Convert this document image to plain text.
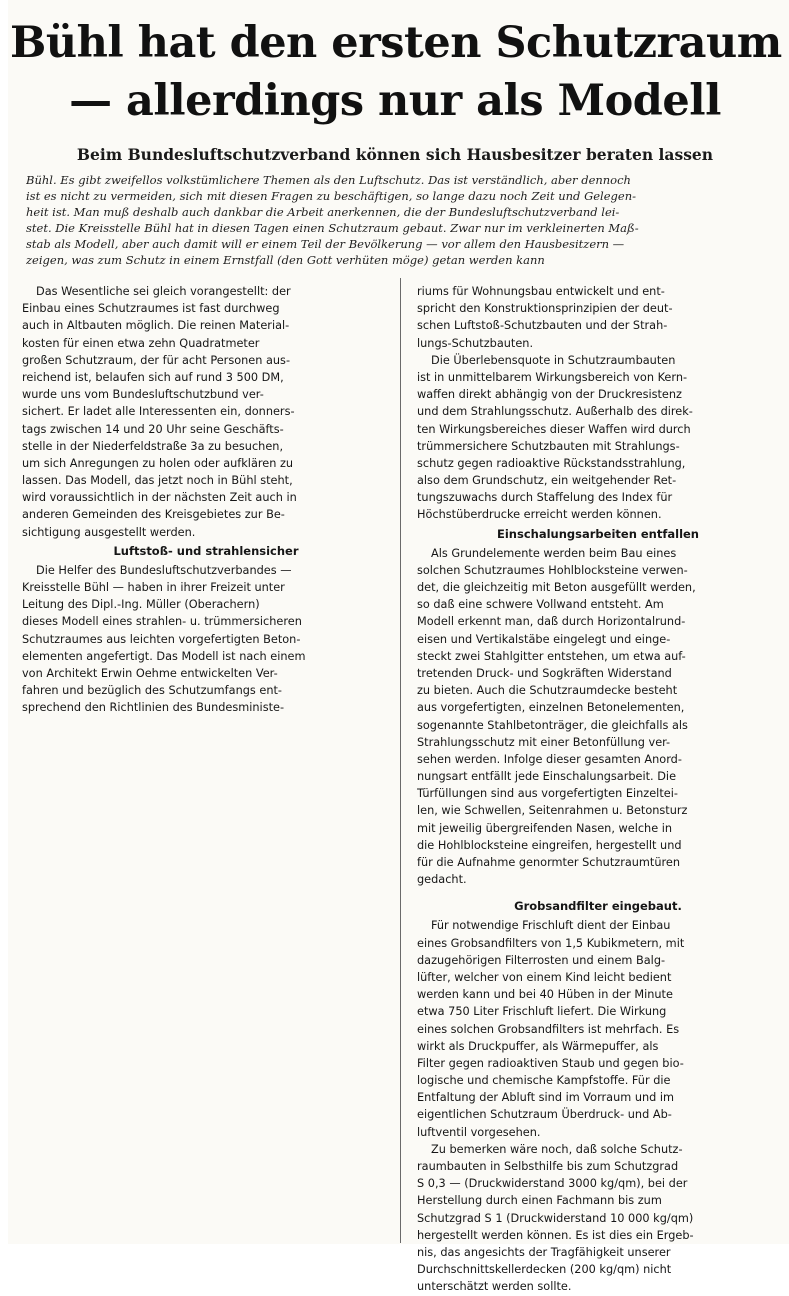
Bühl hat den ersten Schutzraum
— allerdings nur als Modell
Beim Bundesluftschutzverband können sich Hausbesitzer beraten lassen
Bühl. Es gibt zweifellos volkstümlichere Themen als den Luftschutz. Das ist verständlich, aber dennoch
ist es nicht zu vermeiden, sich mit diesen Fragen zu beschäftigen, so lange dazu noch Zeit und Gelegen-
heit ist. Man muß deshalb auch dankbar die Arbeit anerkennen, die der Bundesluftschutzverband lei-
stet. Die Kreisstelle Bühl hat in diesen Tagen einen Schutzraum gebaut. Zwar nur im verkleinerten Maß-
stab als Modell, aber auch damit will er einem Teil der Bevölkerung — vor allem den Hausbesitzern —
zeigen, was zum Schutz in einem Ernstfall (den Gott verhüten möge) getan werden kann
Das Wesentliche sei gleich vorangestellt: der
Einbau eines Schutzraumes ist fast durchweg
auch in Altbauten möglich. Die reinen Material-
kosten für einen etwa zehn Quadratmeter
großen Schutzraum, der für acht Personen aus-
reichend ist, belaufen sich auf rund 3 500 DM,
wurde uns vom Bundesluftschutzbund ver-
sichert. Er ladet alle Interessenten ein, donners-
tags zwischen 14 und 20 Uhr seine Geschäfts-
stelle in der Niederfeldstraße 3a zu besuchen,
um sich Anregungen zu holen oder aufklären zu
lassen. Das Modell, das jetzt noch in Bühl steht,
wird voraussichtlich in der nächsten Zeit auch in
anderen Gemeinden des Kreisgebietes zur Be-
sichtigung ausgestellt werden.
Luftstoß- und strahlensicher
Die Helfer des Bundesluftschutzverbandes —
Kreisstelle Bühl — haben in ihrer Freizeit unter
Leitung des Dipl.-Ing. Müller (Oberachern)
dieses Modell eines strahlen- u. trümmersicheren
Schutzraumes aus leichten vorgefertigten Beton-
elementen angefertigt. Das Modell ist nach einem
von Architekt Erwin Oehme entwickelten Ver-
fahren und bezüglich des Schutzumfangs ent-
sprechend den Richtlinien des Bundesministe-
riums für Wohnungsbau entwickelt und ent-
spricht den Konstruktionsprinzipien der deut-
schen Luftstoß-Schutzbauten und der Strah-
lungs-Schutzbauten.
Die Überlebensquote in Schutzraumbauten
ist in unmittelbarem Wirkungsbereich von Kern-
waffen direkt abhängig von der Druckresistenz
und dem Strahlungsschutz. Außerhalb des direk-
ten Wirkungsbereiches dieser Waffen wird durch
trümmersichere Schutzbauten mit Strahlungs-
schutz gegen radioaktive Rückstandsstrahlung,
also dem Grundschutz, ein weitgehender Ret-
tungszuwachs durch Staffelung des Index für
Höchstüberdrucke erreicht werden können.
Einschalungsarbeiten entfallen
Als Grundelemente werden beim Bau eines
solchen Schutzraumes Hohlblocksteine verwen-
det, die gleichzeitig mit Beton ausgefüllt werden,
so daß eine schwere Vollwand entsteht. Am
Modell erkennt man, daß durch Horizontalrund-
eisen und Vertikalstäbe eingelegt und einge-
steckt zwei Stahlgitter entstehen, um etwa auf-
tretenden Druck- und Sogkräften Widerstand
zu bieten. Auch die Schutzraumdecke besteht
aus vorgefertigten, einzelnen Betonelementen,
sogenannte Stahlbetonträger, die gleichfalls als
Strahlungsschutz mit einer Betonfüllung ver-
sehen werden. Infolge dieser gesamten Anord-
nungsart entfällt jede Einschalungsarbeit. Die
Türfüllungen sind aus vorgefertigten Einzeltei-
len, wie Schwellen, Seitenrahmen u. Betonsturz
mit jeweilig übergreifenden Nasen, welche in
die Hohlblocksteine eingreifen, hergestellt und
für die Aufnahme genormter Schutzraumtüren
gedacht.
Grobsandfilter eingebaut.
Für notwendige Frischluft dient der Einbau
eines Grobsandfilters von 1,5 Kubikmetern, mit
dazugehörigen Filterrosten und einem Balg-
lüfter, welcher von einem Kind leicht bedient
werden kann und bei 40 Hüben in der Minute
etwa 750 Liter Frischluft liefert. Die Wirkung
eines solchen Grobsandfilters ist mehrfach. Es
wirkt als Druckpuffer, als Wärmepuffer, als
Filter gegen radioaktiven Staub und gegen bio-
logische und chemische Kampfstoffe. Für die
Entfaltung der Abluft sind im Vorraum und im
eigentlichen Schutzraum Überdruck- und Ab-
luftventil vorgesehen.
Zu bemerken wäre noch, daß solche Schutz-
raumbauten in Selbsthilfe bis zum Schutzgrad
S 0,3 — (Druckwiderstand 3000 kg/qm), bei der
Herstellung durch einen Fachmann bis zum
Schutzgrad S 1 (Druckwiderstand 10 000 kg/qm)
hergestellt werden können. Es ist dies ein Ergeb-
nis, das angesichts der Tragfähigkeit unserer
Durchschnittskellerdecken (200 kg/qm) nicht
unterschätzt werden sollte.
